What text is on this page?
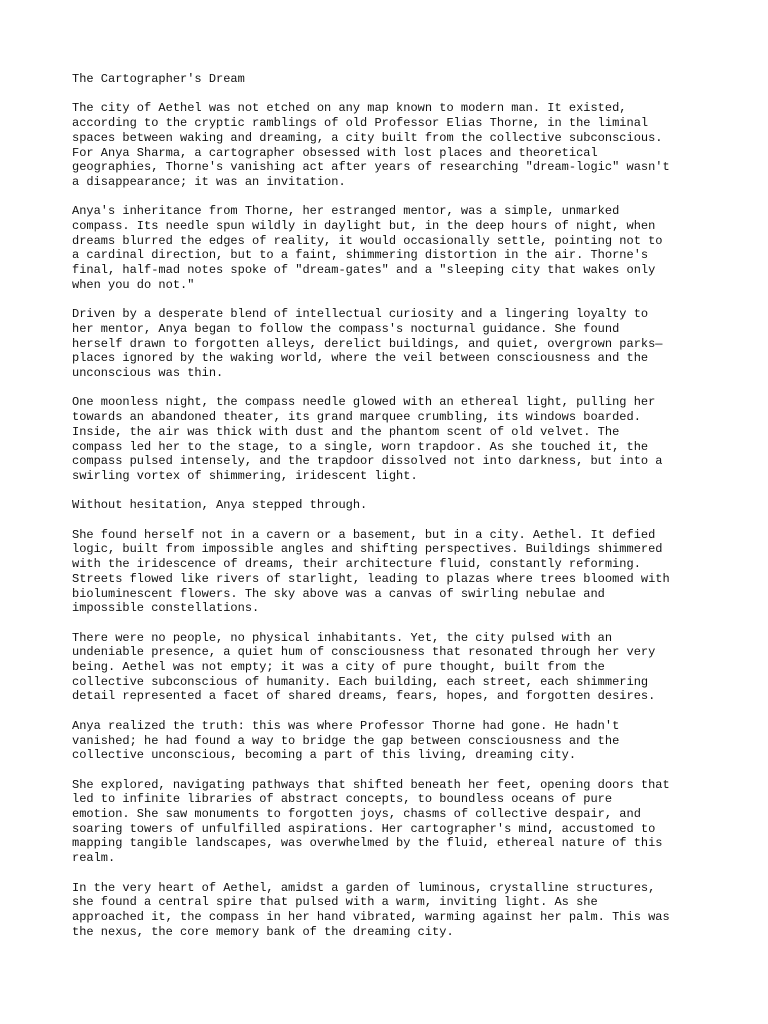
The Cartographer's Dream

The city of Aethel was not etched on any map known to modern man. It existed,
according to the cryptic ramblings of old Professor Elias Thorne, in the liminal
spaces between waking and dreaming, a city built from the collective subconscious.
For Anya Sharma, a cartographer obsessed with lost places and theoretical
geographies, Thorne's vanishing act after years of researching "dream-logic" wasn't
a disappearance; it was an invitation.

Anya's inheritance from Thorne, her estranged mentor, was a simple, unmarked
compass. Its needle spun wildly in daylight but, in the deep hours of night, when
dreams blurred the edges of reality, it would occasionally settle, pointing not to
a cardinal direction, but to a faint, shimmering distortion in the air. Thorne's
final, half-mad notes spoke of "dream-gates" and a "sleeping city that wakes only
when you do not."

Driven by a desperate blend of intellectual curiosity and a lingering loyalty to
her mentor, Anya began to follow the compass's nocturnal guidance. She found
herself drawn to forgotten alleys, derelict buildings, and quiet, overgrown parks—
places ignored by the waking world, where the veil between consciousness and the
unconscious was thin.

One moonless night, the compass needle glowed with an ethereal light, pulling her
towards an abandoned theater, its grand marquee crumbling, its windows boarded.
Inside, the air was thick with dust and the phantom scent of old velvet. The
compass led her to the stage, to a single, worn trapdoor. As she touched it, the
compass pulsed intensely, and the trapdoor dissolved not into darkness, but into a
swirling vortex of shimmering, iridescent light.

Without hesitation, Anya stepped through.

She found herself not in a cavern or a basement, but in a city. Aethel. It defied
logic, built from impossible angles and shifting perspectives. Buildings shimmered
with the iridescence of dreams, their architecture fluid, constantly reforming.
Streets flowed like rivers of starlight, leading to plazas where trees bloomed with
bioluminescent flowers. The sky above was a canvas of swirling nebulae and
impossible constellations.

There were no people, no physical inhabitants. Yet, the city pulsed with an
undeniable presence, a quiet hum of consciousness that resonated through her very
being. Aethel was not empty; it was a city of pure thought, built from the
collective subconscious of humanity. Each building, each street, each shimmering
detail represented a facet of shared dreams, fears, hopes, and forgotten desires.

Anya realized the truth: this was where Professor Thorne had gone. He hadn't
vanished; he had found a way to bridge the gap between consciousness and the
collective unconscious, becoming a part of this living, dreaming city.

She explored, navigating pathways that shifted beneath her feet, opening doors that
led to infinite libraries of abstract concepts, to boundless oceans of pure
emotion. She saw monuments to forgotten joys, chasms of collective despair, and
soaring towers of unfulfilled aspirations. Her cartographer's mind, accustomed to
mapping tangible landscapes, was overwhelmed by the fluid, ethereal nature of this
realm.

In the very heart of Aethel, amidst a garden of luminous, crystalline structures,
she found a central spire that pulsed with a warm, inviting light. As she
approached it, the compass in her hand vibrated, warming against her palm. This was
the nexus, the core memory bank of the dreaming city.
